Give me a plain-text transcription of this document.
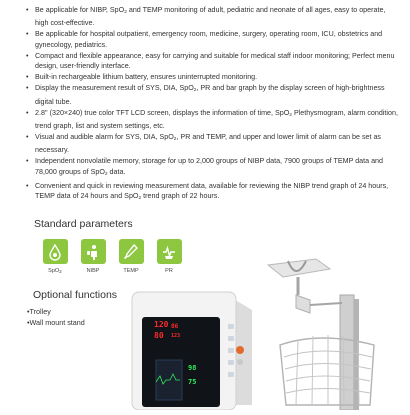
• Be applicable for NIBP, SpO$_2$ and TEMP monitoring of adult, pediatric and neonate of all ages, easy to operate, high cost-effective.
• Be applicable for hospital outpatient, emergency room, medicine, surgery, operating room, ICU, obstetrics and gynecology, pediatrics.
• Compact and flexible appearance, easy for carrying and suitable for medical staff indoor monitoring; Perfect menu design, user-friendly interface.
• Built-in rechargeable lithium battery, ensures uninterrupted monitoring.
• Display the measurement result of SYS, DIA, SpO$_2$, PR and bar graph by the display screen of high-brightness digital tube.
• 2.8'' (320×240) true color TFT LCD screen, displays the information of time, SpO$_2$ Plethysmogram, alarm condition, trend graph, list and system settings, etc.
• Visual and audible alarm for SYS, DIA, SpO$_2$, PR and TEMP, and upper and lower limit of alarm can be set as necessary.
• Independent nonvolatile memory, storage for up to 2,000 groups of NIBP data, 7900 groups of TEMP data and 78,000 groups of SpO$_2$ data.
• Convenient and quick in reviewing measurement data, available for reviewing the NIBP trend graph of 24 hours, TEMP data of 24 hours and SpO$_2$ trend graph of 22 hours.
Standard parameters
SpO2	NIBP	TEMP	PR
Optional functions
•Trolley
•Wall mount stand	120
80
86
123
98
75
